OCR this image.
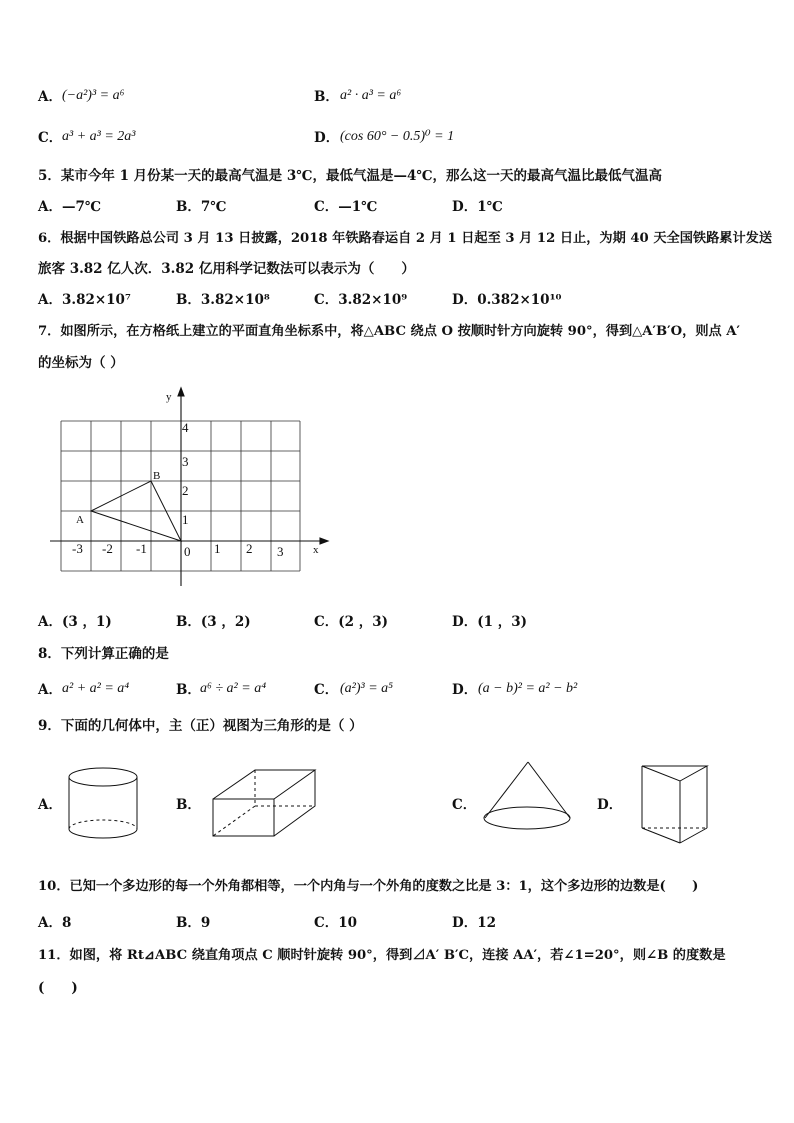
A． (−a²)³ = a⁶	B． a² · a³ = a⁶
C． a³ + a³ = 2a³	D． (cos 60° − 0.5)⁰ = 1
5．某市今年 1 月份某一天的最高气温是 3℃，最低气温是—4℃，那么这一天的最高气温比最低气温高
A．—7℃	B．7℃	C．—1℃	D．1℃
6．根据中国铁路总公司 3 月 13 日披露，2018 年铁路春运自 2 月 1 日起至 3 月 12 日止，为期 40 天全国铁路累计发送
旅客 3.82 亿人次．3.82 亿用科学记数法可以表示为（　　）
A．3.82×10⁷	B．3.82×10⁸	C．3.82×10⁹	D．0.382×10¹⁰
7．如图所示，在方格纸上建立的平面直角坐标系中，将△ABC 绕点 O 按顺时针方向旋转 90°，得到△A′B′O，则点 A′
的坐标为（ ）
y
x
4
3
2
1
-3 -2 -1	0 1 2 3
A
B
A．(3 ，1)	B．(3 ，2)	C．(2 ，3)	D．(1 ，3)
8．下列计算正确的是
A． a² + a² = a⁴	B． a⁶ ÷ a² = a⁴	C． (a²)³ = a⁵	D． (a − b)² = a² − b²
9．下面的几何体中，主（正）视图为三角形的是（ ）
A．	B．	C．	D．
10．已知一个多边形的每一个外角都相等，一个内角与一个外角的度数之比是 3：1，这个多边形的边数是(　　)
A．8	B．9	C．10	D．12
11．如图，将 Rt⊿ABC 绕直角项点 C 顺时针旋转 90°，得到⊿A′ B′C，连接 AA′，若∠1=20°，则∠B 的度数是
(　　)
